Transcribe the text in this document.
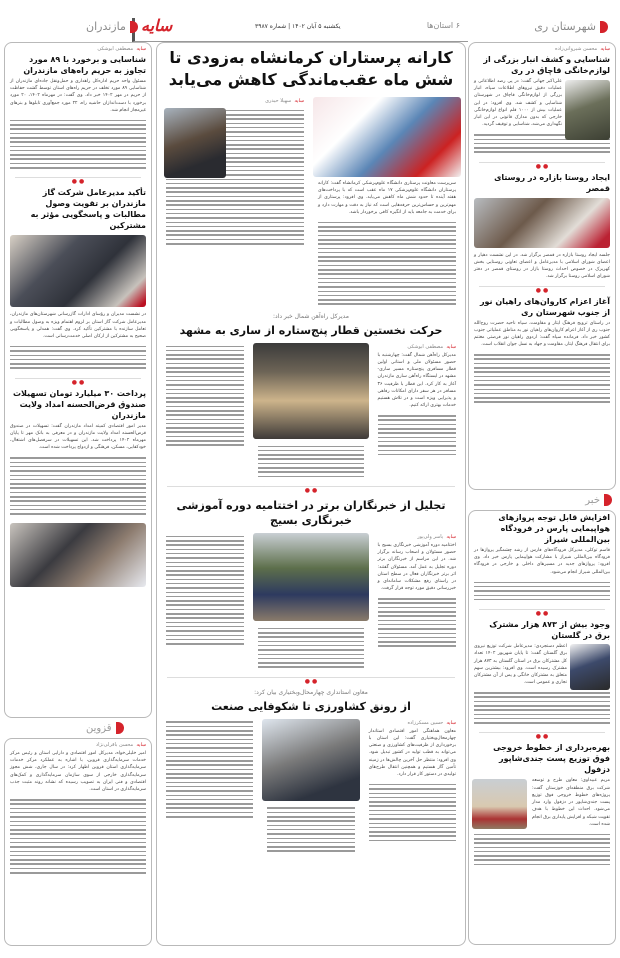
شهرستان ری
سایه	یکشنبه ۵ آبان ۱۴۰۲ | شماره ۳۹۸۷	۶ استان‌ها
مازندران
سایه
محسن شیروانی‌زاده
شناسایی و کشف انبار بزرگی از لوازم‌خانگی قاچاق در ری
علی‌اکبر جهانی گفت: در پی رصد اطلاعاتی و عملیات دقیق نیروهای اطلاعات سپاه، انبار بزرگی از لوازم‌خانگی قاچاق در شهرستان شناسایی و کشف شد. وی افزود: در این عملیات بیش از ۱۰۰۰ قلم انواع لوازم‌خانگی خارجی که بدون مدارک قانونی در این انبار نگهداری می‌شد، شناسایی و توقیف گردید.
● ●
ایجاد روستا بازاره در روستای قمصر
جلسه ایجاد روستا بازاره در قمصر برگزار شد. در این نشست دهیار و اعضای شورای اسلامی با مدیرعامل و اعضای تعاونی روستایی بخش کهریزک در خصوص احداث روستا بازار در روستای قمصر در دفتر شورای اسلامی روستا برگزار شد.
● ●
آغاز اعزام کاروان‌های راهیان نور از جنوب شهرستان ری
در راستای ترویج فرهنگ ایثار و مقاومت، سپاه ناحیه حضرت روح‌الله جنوب ری از آغاز اعزام کاروان‌های راهیان نور به مناطق عملیاتی جنوب کشور خبر داد. فرمانده سپاه گفت: اردوی راهیان نور فرصتی مغتنم برای انتقال فرهنگ ایثار، مقاومت و جهاد به نسل جوان انقلاب است.
خبر
افزایش قابل توجه پروازهای هواپیمایی پارس در فرودگاه بین‌المللی شیراز
قاسم توکلی، مدیرکل فرودگاه‌های فارس از رشد چشمگیر پروازها در فرودگاه بین‌المللی شیراز با مشارکت هواپیمایی پارس خبر داد. وی افزود: پروازهای جدید در مسیرهای داخلی و خارجی در فرودگاه بین‌المللی شیراز انجام می‌شود.
● ●
وجود بیش از ۸۷۳ هزار مشترک برق در گلستان
اعظم دستجردی: مدیرعامل شرکت توزیع نیروی برق گلستان گفت: تا پایان شهریور ۱۴۰۲ تعداد کل مشترکان برق در استان گلستان به ۸۷۳ هزار مشترک رسیده است. وی افزود: بیشترین سهم متعلق به مشترکان خانگی و پس از آن مشترکان تجاری و عمومی است.
● ●
بهره‌برداری از خطوط خروجی فوق توزیع پست جندی‌شاپور دزفول
مریم عبیداوی: معاون طرح و توسعه شرکت برق منطقه‌ای خوزستان گفت: پروژه‌های خطوط خروجی فوق توزیع پست جندی‌شاپور در دزفول وارد مدار می‌شود. احداث این خطوط با هدف تقویت شبکه و افزایش پایداری برق انجام شده است.
سایه
مصطفی ابوشکی
شناسایی و برخورد با ۸۹ مورد تجاوز به حریم راه‌های مازندران
مسئول واحد حریم اداره‌کل راهداری و حمل‌ونقل جاده‌ای مازندران از شناسایی ۸۹ مورد تخلف در حریم راه‌های استان توسط گشت حفاظت از حریم در مهر ۱۴۰۲ خبر داد. وی گفت: در مهرماه ۱۴۰۲، ۲۰ مورد برخورد با دست‌اندازان حاشیه راه، ۲۲ مورد جمع‌آوری تابلوها و بنرهای غیرمجاز انجام شد.
● ●
تأکید مدیرعامل شرکت گاز مازندران بر تقویت وصول مطالبات و پاسخگویی مؤثر به مشترکین
در نشست مدیران و رؤسای ادارات گازرسانی شهرستان‌های مازندران، مدیرعامل شرکت گاز استان بر لزوم اهتمام ویژه به وصول مطالبات و تعامل سازنده با مشترکین تأکید کرد. وی گفت: همدلی و پاسخگویی صحیح به مشترکین از ارکان اصلی خدمت‌رسانی است.
● ●
پرداخت ۳۰ میلیارد تومان تسهیلات صندوق قرض‌الحسنه امداد ولایت مازندران
مدیر امور اقتصادی کمیته امداد مازندران گفت: تسهیلات در صندوق قرض‌الحسنه امداد ولایت مازندران و در معرفی به بانک مهر تا پایان مهرماه ۱۴۰۲ پرداخت شد. این تسهیلات در سرفصل‌های اشتغال، خودکفایی، مسکن، فرهنگی و ازدواج پرداخت شده است.
قزوین
سایه
محسن باقرلی‌نژاد
امیر خلیلی‌خواه، مدیرکل امور اقتصادی و دارایی استان و رئیس مرکز خدمات سرمایه‌گذاری قزوین، با اشاره به عملکرد مرکز خدمات سرمایه‌گذاری استان قزوین اظهار کرد: در سال جاری، شش مجوز سرمایه‌گذاری خارجی از سوی سازمان سرمایه‌گذاری و کمک‌های اقتصادی و فنی ایران به تصویب رسیده که نشانه روند مثبت جذب سرمایه‌گذاری در استان است.
کارانه پرستاران کرمانشاه به‌زودی تا شش ماه عقب‌ماندگی کاهش می‌یابد
سرپرست معاونت پرستاری دانشگاه علوم‌پزشکی کرمانشاه گفت: کارانه پرستاران دانشگاه علوم‌پزشکی ۱۷ ماه عقب است که با پرداخت‌های هفته آینده تا حدود شش ماه کاهش می‌یابد. وی افزود: پرستاری از مهم‌ترین و حساس‌ترین حرفه‌هایی است که نیاز به دقت و مهارت دارد و برای خدمت به جامعه باید از انگیزه کافی برخوردار باشد.
سایه
سهیلا حیدری
مدیرکل راه‌آهن شمال خبر داد:
حرکت نخستین قطار پنج‌ستاره از ساری به مشهد
سایه
مصطفی ابوشکی
مدیرکل راه‌آهن شمال گفت: چهارشنبه با حضور مسئولان ملی و استانی اولین قطار مسافری پنج‌ستاره مسیر ساری-مشهد در ایستگاه راه‌آهن ساری مازندران آغاز به کار کرد. این قطار با ظرفیت ۳۶ مسافر در هر سفر دارای امکانات رفاهی و پذیرایی ویژه است و در تلاش هستیم خدمات بهتری ارائه کنیم.
● ●
تجلیل از خبرنگاران برتر در اختتامیه دوره آموزشی خبرنگاری بسیج
سایه
یاسر ولی‌پور
اختتامیه دوره آموزشی خبرنگاری بسیج با حضور مسئولان و اصحاب رسانه برگزار شد. در این مراسم از خبرنگاران برتر دوره تجلیل به عمل آمد. مسئولان گفتند: اثر برتر خبرنگاران فعال در سطح استان در راستای رفع مشکلات سامانه‌ای و خبررسانی دقیق مورد توجه قرار گرفت.
● ●
معاون استانداری چهارمحال‌وبختیاری بیان کرد:
از رونق کشاورزی تا شکوفایی صنعت
سایه
حسین مسکرزاده
معاون هماهنگی امور اقتصادی استاندار چهارمحال‌وبختیاری گفت: این استان با برخورداری از ظرفیت‌های کشاورزی و صنعتی می‌تواند به قطب تولید در کشور تبدیل شود. وی افزود: منتظر حل آخرین چالش‌ها در زمینه تأمین گاز هستیم و همچنین انتقال طرح‌های تولیدی در دستور کار قرار دارد.
